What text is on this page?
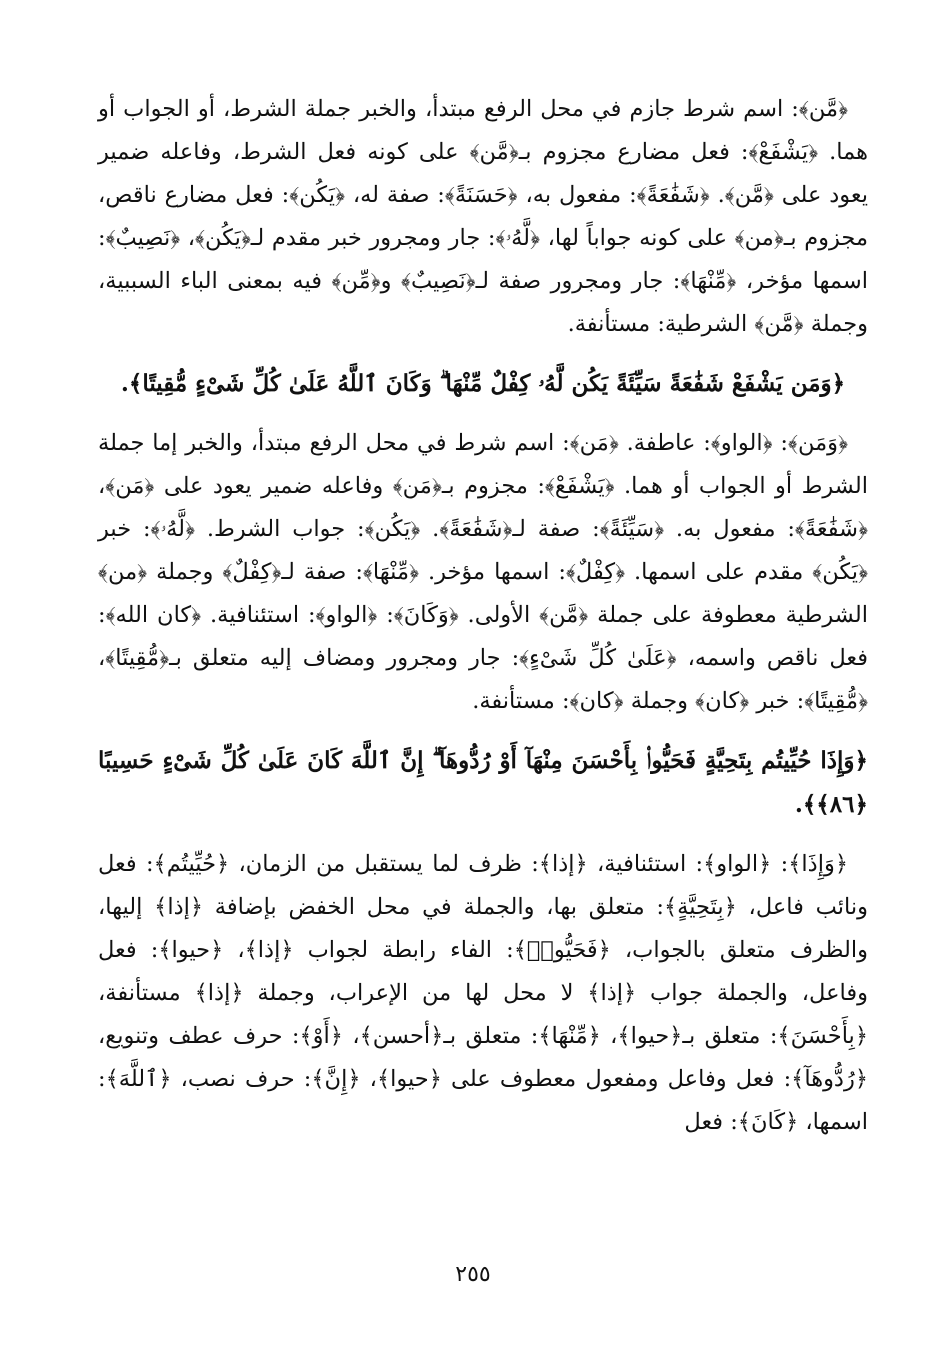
﴿مَّن﴾: اسم شرط جازم في محل الرفع مبتدأ، والخبر جملة الشرط، أو الجواب أو هما. ﴿يَشْفَعْ﴾: فعل مضارع مجزوم بـ﴿مَّن﴾ على كونه فعل الشرط، وفاعله ضمير يعود على ﴿مَّن﴾. ﴿شَفَٰعَةً﴾: مفعول به، ﴿حَسَنَةً﴾: صفة له، ﴿يَكُن﴾: فعل مضارع ناقص، مجزوم بـ﴿من﴾ على كونه جواباً لها، ﴿لَّهُۥ﴾: جار ومجرور خبر مقدم لـ﴿يَكُن﴾، ﴿نَصِيبٌ﴾: اسمها مؤخر، ﴿مِّنْهَا﴾: جار ومجرور صفة لـ﴿نَصِيبٌ﴾ و﴿مِّن﴾ فيه بمعنى الباء السببية، وجملة ﴿مَّن﴾ الشرطية: مستأنفة.

﴿وَمَن يَشْفَعْ شَفَٰعَةً سَيِّئَةً يَكُن لَّهُۥ كِفْلٌ مِّنْهَا ۗ وَكَانَ ٱللَّهُ عَلَىٰ كُلِّ شَىْءٍ مُّقِيتًا﴾.

﴿وَمَن﴾: ﴿الواو﴾: عاطفة. ﴿مَن﴾: اسم شرط في محل الرفع مبتدأ، والخبر إما جملة الشرط أو الجواب أو هما. ﴿يَشْفَعْ﴾: مجزوم بـ﴿مَن﴾ وفاعله ضمير يعود على ﴿مَن﴾، ﴿شَفَٰعَةً﴾: مفعول به. ﴿سَيِّئَةً﴾: صفة لـ﴿شَفَٰعَةً﴾. ﴿يَكُن﴾: جواب الشرط. ﴿لَّهُۥ﴾: خبر ﴿يَكُن﴾ مقدم على اسمها. ﴿كِفْلٌ﴾: اسمها مؤخر. ﴿مِّنْهَا﴾: صفة لـ﴿كِفْلٌ﴾ وجملة ﴿من﴾ الشرطية معطوفة على جملة ﴿مَّن﴾ الأولى. ﴿وَكَانَ﴾: ﴿الواو﴾: استئنافية. ﴿كان الله﴾: فعل ناقص واسمه، ﴿عَلَىٰ كُلِّ شَىْءٍ﴾: جار ومجرور ومضاف إليه متعلق بـ﴿مُّقِيتًا﴾، ﴿مُّقِيتًا﴾: خبر ﴿كان﴾ وجملة ﴿كان﴾: مستأنفة.

﴿وَإِذَا حُيِّيتُم بِتَحِيَّةٍ فَحَيُّوا۟ بِأَحْسَنَ مِنْهَآ أَوْ رُدُّوهَآ ۗ إِنَّ ٱللَّهَ كَانَ عَلَىٰ كُلِّ شَىْءٍ حَسِيبًا ﴿٨٦﴾﴾.

﴿وَإِذَا﴾: ﴿الواو﴾: استئنافية، ﴿إذا﴾: ظرف لما يستقبل من الزمان، ﴿حُيِّيتُم﴾: فعل ونائب فاعل، ﴿بِتَحِيَّةٍ﴾: متعلق بها، والجملة في محل الخفض بإضافة ﴿إذا﴾ إليها، والظرف متعلق بالجواب، ﴿فَحَيُّوا۟﴾: الفاء رابطة لجواب ﴿إذا﴾، ﴿حيوا﴾: فعل وفاعل، والجملة جواب ﴿إذا﴾ لا محل لها من الإعراب، وجملة ﴿إذا﴾ مستأنفة، ﴿بِأَحْسَنَ﴾: متعلق بـ﴿حيوا﴾، ﴿مِّنْهَا﴾: متعلق بـ﴿أحسن﴾، ﴿أَوْ﴾: حرف عطف وتنويع، ﴿رُدُّوهَآ﴾: فعل وفاعل ومفعول معطوف على ﴿حيوا﴾، ﴿إِنَّ﴾: حرف نصب، ﴿ٱللَّهَ﴾: اسمها، ﴿كَانَ﴾: فعل

٢٥٥
